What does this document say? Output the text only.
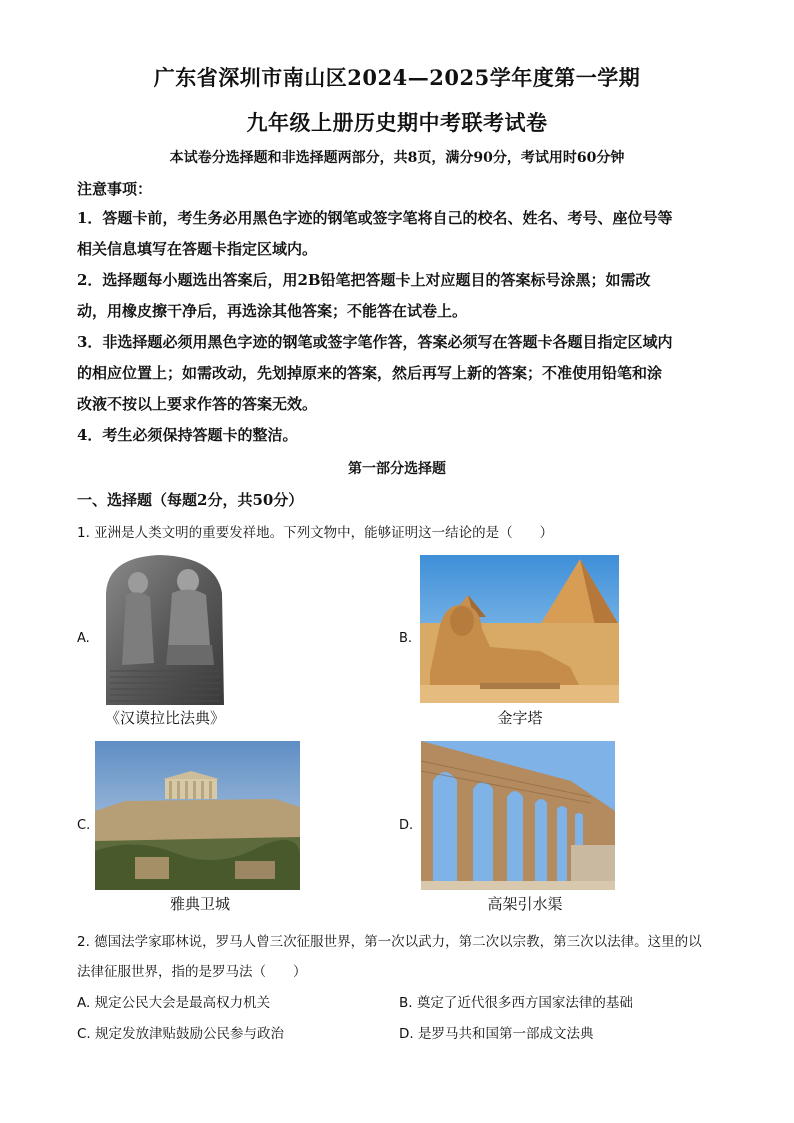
广东省深圳市南山区2024—2025学年度第一学期
九年级上册历史期中考联考试卷
本试卷分选择题和非选择题两部分，共8页，满分90分，考试用时60分钟
注意事项：
1．答题卡前，考生务必用黑色字迹的钢笔或签字笔将自己的校名、姓名、考号、座位号等
相关信息填写在答题卡指定区域内。
2．选择题每小题选出答案后，用2B铅笔把答题卡上对应题目的答案标号涂黑；如需改
动，用橡皮擦干净后，再选涂其他答案；不能答在试卷上。
3．非选择题必须用黑色字迹的钢笔或签字笔作答，答案必须写在答题卡各题目指定区域内
的相应位置上；如需改动，先划掉原来的答案，然后再写上新的答案；不准使用铅笔和涂
改液不按以上要求作答的答案无效。
4．考生必须保持答题卡的整洁。
第一部分选择题
一、选择题（每题2分，共50分）
1. 亚洲是人类文明的重要发祥地。下列文物中，能够证明这一结论的是（　　）
A.
《汉谟拉比法典》
B.
金字塔
C.
雅典卫城
D.
高架引水渠
2. 德国法学家耶林说，罗马人曾三次征服世界，第一次以武力，第二次以宗教，第三次以法律。这里的以
法律征服世界，指的是罗马法（　　）
A. 规定公民大会是最高权力机关	B. 奠定了近代很多西方国家法律的基础
C. 规定发放津贴鼓励公民参与政治	D. 是罗马共和国第一部成文法典
